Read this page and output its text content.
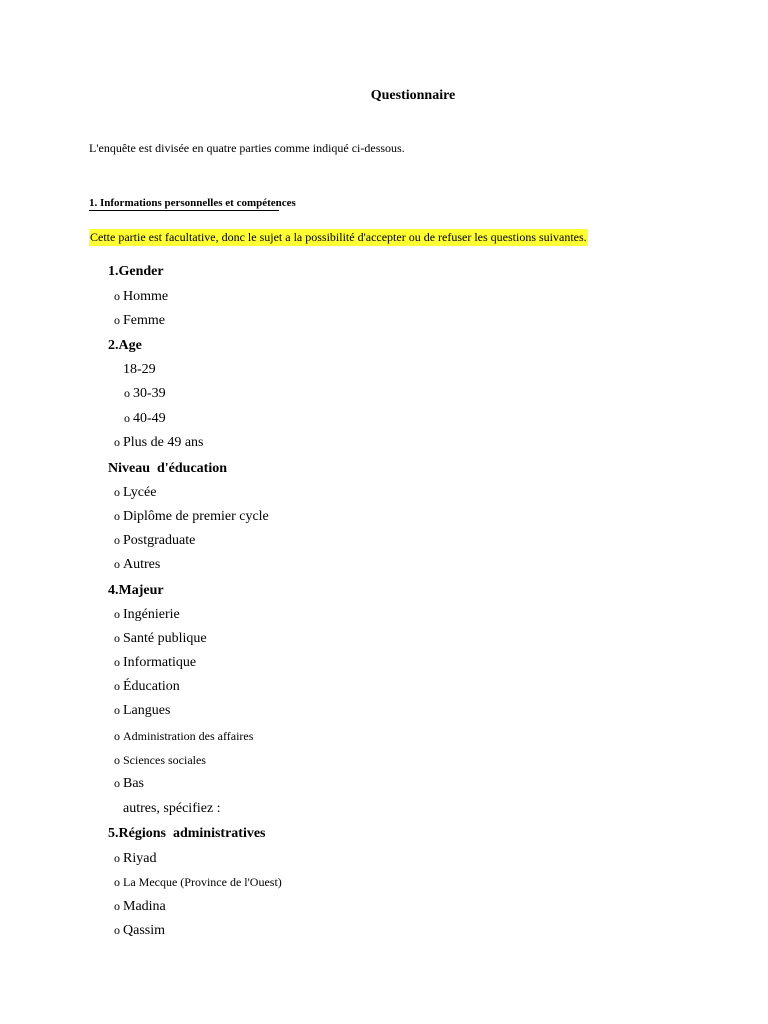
Questionnaire
L'enquête est divisée en quatre parties comme indiqué ci-dessous.
1. Informations personnelles et compétences
Cette partie est facultative, donc le sujet a la possibilité d'accepter ou de refuser les questions suivantes.
1.Gender
o Homme
o Femme
2.Age
18-29
o 30-39
o 40-49
o Plus de 49 ans
Niveau  d'éducation
o Lycée
o Diplôme de premier cycle
o Postgraduate
o Autres
4.Majeur
o Ingénierie
o Santé publique
o Informatique
o Éducation
o Langues
o Administration des affaires
o Sciences sociales
o Bas
autres, spécifiez :
5.Régions  administratives
o Riyad
o La Mecque (Province de l'Ouest)
o Madina
o Qassim
